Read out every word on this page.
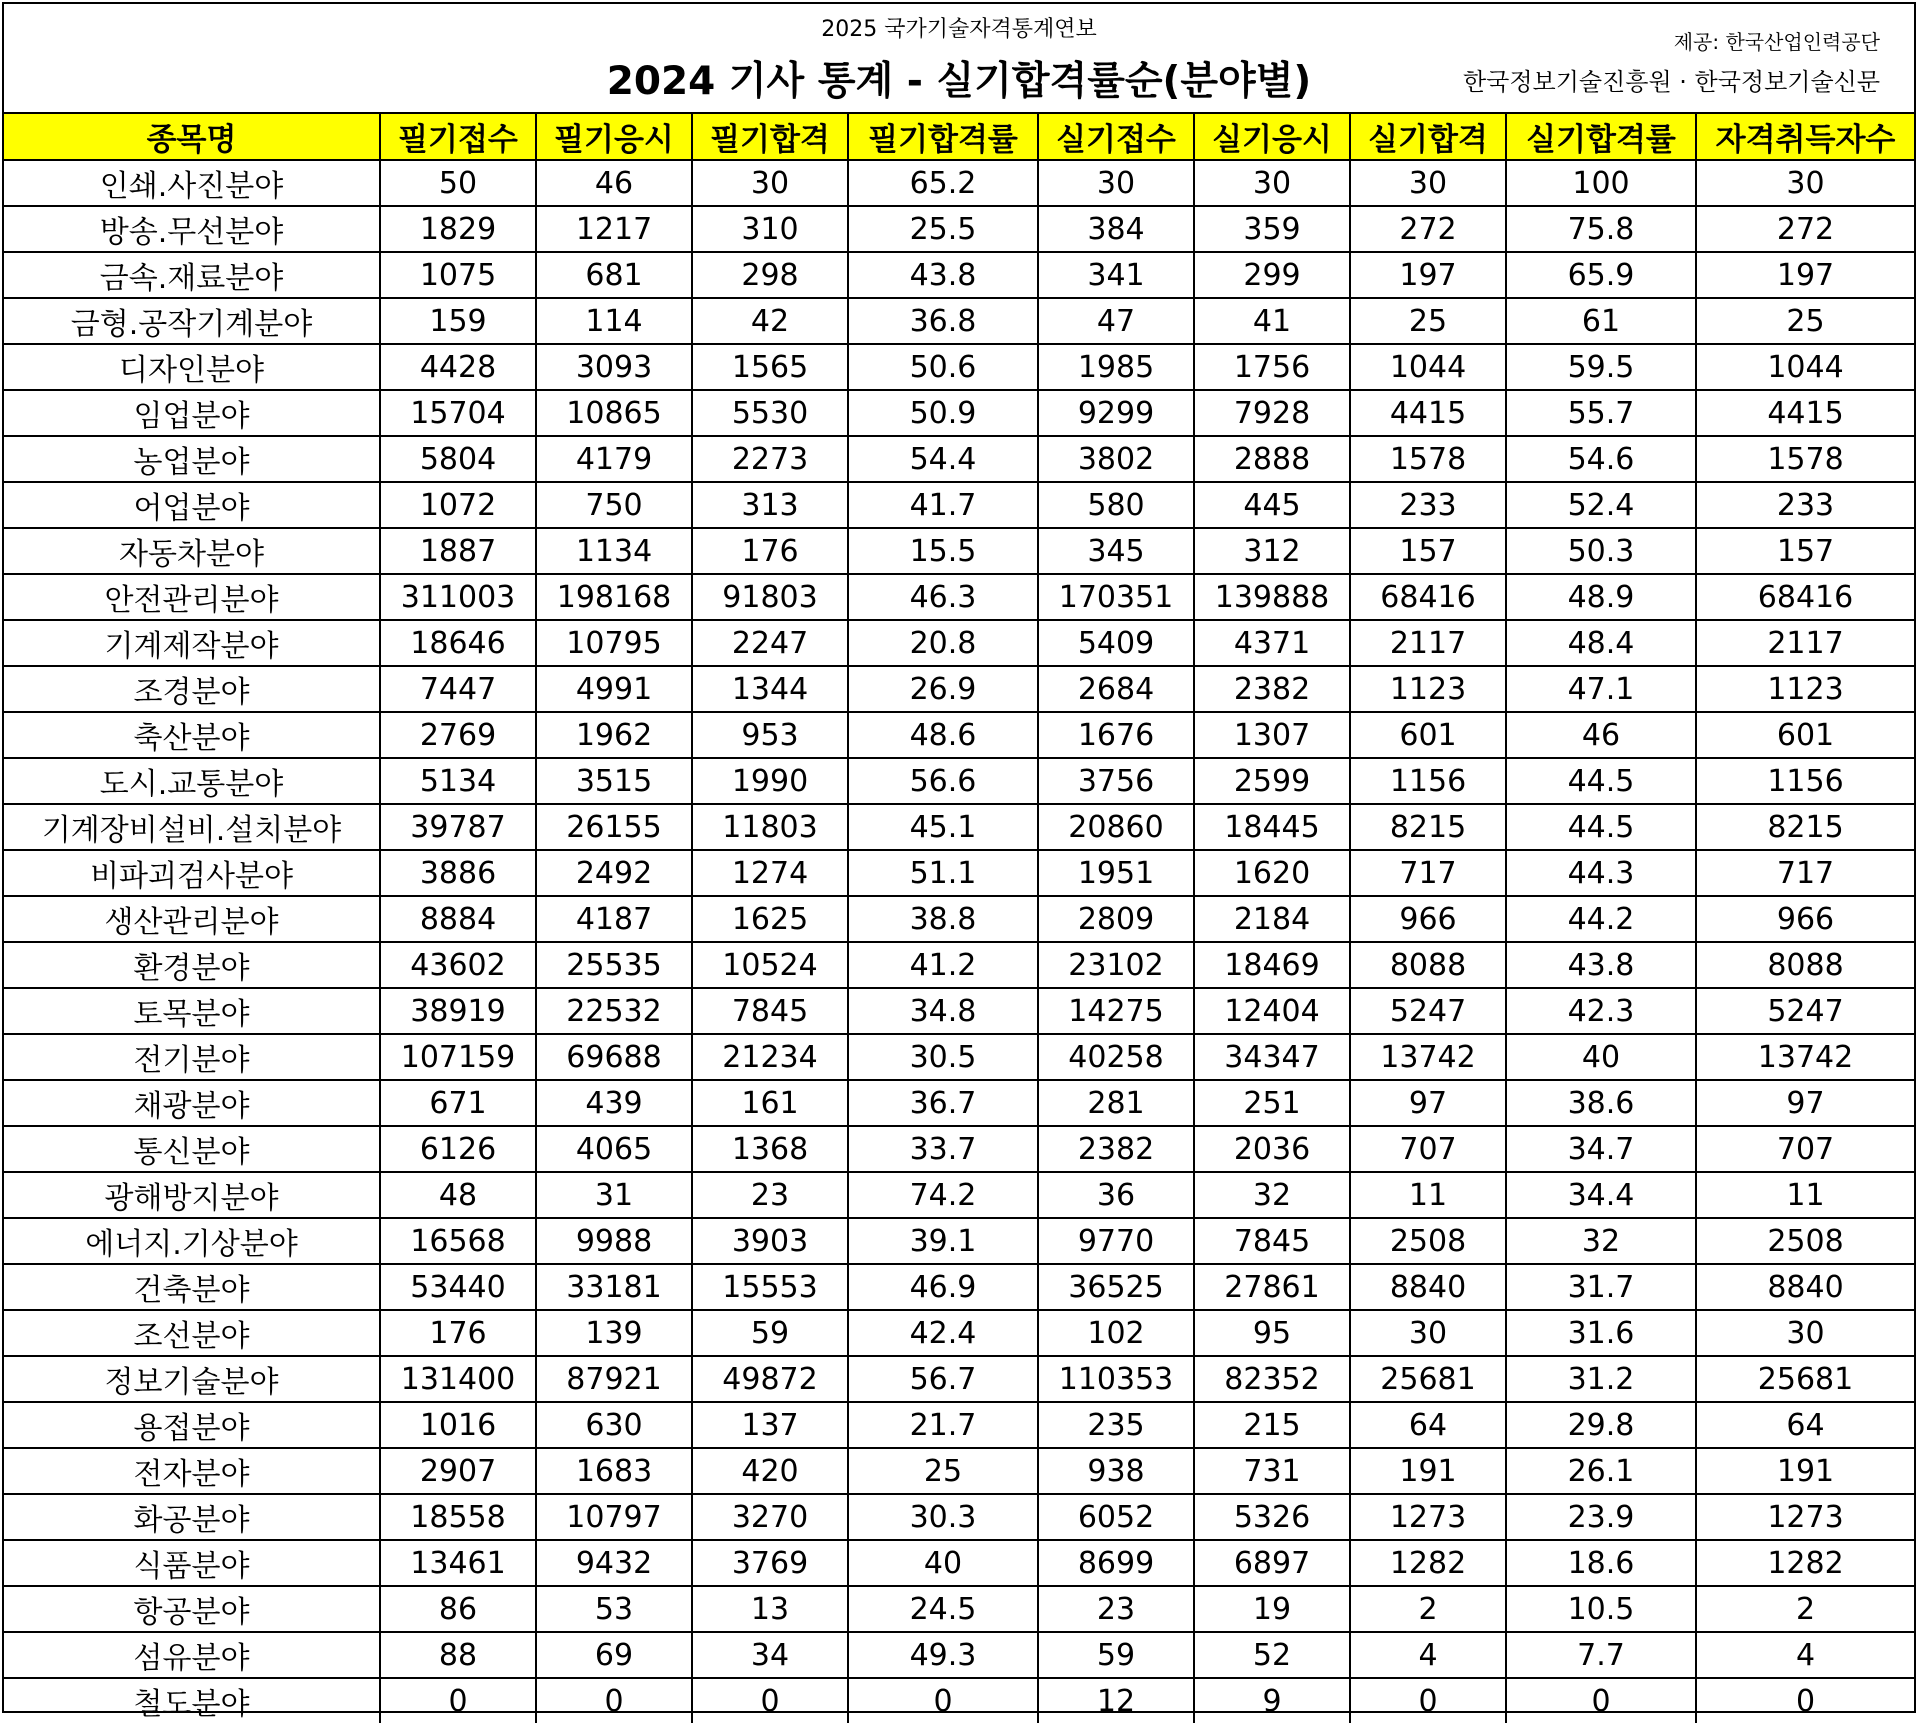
2025 국가기술자격통계연보
2024 기사 통계 - 실기합격률순(분야별)
제공: 한국산업인력공단
한국정보기술진흥원 · 한국정보기술신문
종목명	필기접수	필기응시	필기합격	필기합격률	실기접수	실기응시	실기합격	실기합격률	자격취득자수
인쇄.사진분야	50	46	30	65.2	30	30	30	100	30
방송.무선분야	1829	1217	310	25.5	384	359	272	75.8	272
금속.재료분야	1075	681	298	43.8	341	299	197	65.9	197
금형.공작기계분야	159	114	42	36.8	47	41	25	61	25
디자인분야	4428	3093	1565	50.6	1985	1756	1044	59.5	1044
임업분야	15704	10865	5530	50.9	9299	7928	4415	55.7	4415
농업분야	5804	4179	2273	54.4	3802	2888	1578	54.6	1578
어업분야	1072	750	313	41.7	580	445	233	52.4	233
자동차분야	1887	1134	176	15.5	345	312	157	50.3	157
안전관리분야	311003	198168	91803	46.3	170351	139888	68416	48.9	68416
기계제작분야	18646	10795	2247	20.8	5409	4371	2117	48.4	2117
조경분야	7447	4991	1344	26.9	2684	2382	1123	47.1	1123
축산분야	2769	1962	953	48.6	1676	1307	601	46	601
도시.교통분야	5134	3515	1990	56.6	3756	2599	1156	44.5	1156
기계장비설비.설치분야	39787	26155	11803	45.1	20860	18445	8215	44.5	8215
비파괴검사분야	3886	2492	1274	51.1	1951	1620	717	44.3	717
생산관리분야	8884	4187	1625	38.8	2809	2184	966	44.2	966
환경분야	43602	25535	10524	41.2	23102	18469	8088	43.8	8088
토목분야	38919	22532	7845	34.8	14275	12404	5247	42.3	5247
전기분야	107159	69688	21234	30.5	40258	34347	13742	40	13742
채광분야	671	439	161	36.7	281	251	97	38.6	97
통신분야	6126	4065	1368	33.7	2382	2036	707	34.7	707
광해방지분야	48	31	23	74.2	36	32	11	34.4	11
에너지.기상분야	16568	9988	3903	39.1	9770	7845	2508	32	2508
건축분야	53440	33181	15553	46.9	36525	27861	8840	31.7	8840
조선분야	176	139	59	42.4	102	95	30	31.6	30
정보기술분야	131400	87921	49872	56.7	110353	82352	25681	31.2	25681
용접분야	1016	630	137	21.7	235	215	64	29.8	64
전자분야	2907	1683	420	25	938	731	191	26.1	191
화공분야	18558	10797	3270	30.3	6052	5326	1273	23.9	1273
식품분야	13461	9432	3769	40	8699	6897	1282	18.6	1282
항공분야	86	53	13	24.5	23	19	2	10.5	2
섬유분야	88	69	34	49.3	59	52	4	7.7	4
철도분야	0	0	0	0	12	9	0	0	0
